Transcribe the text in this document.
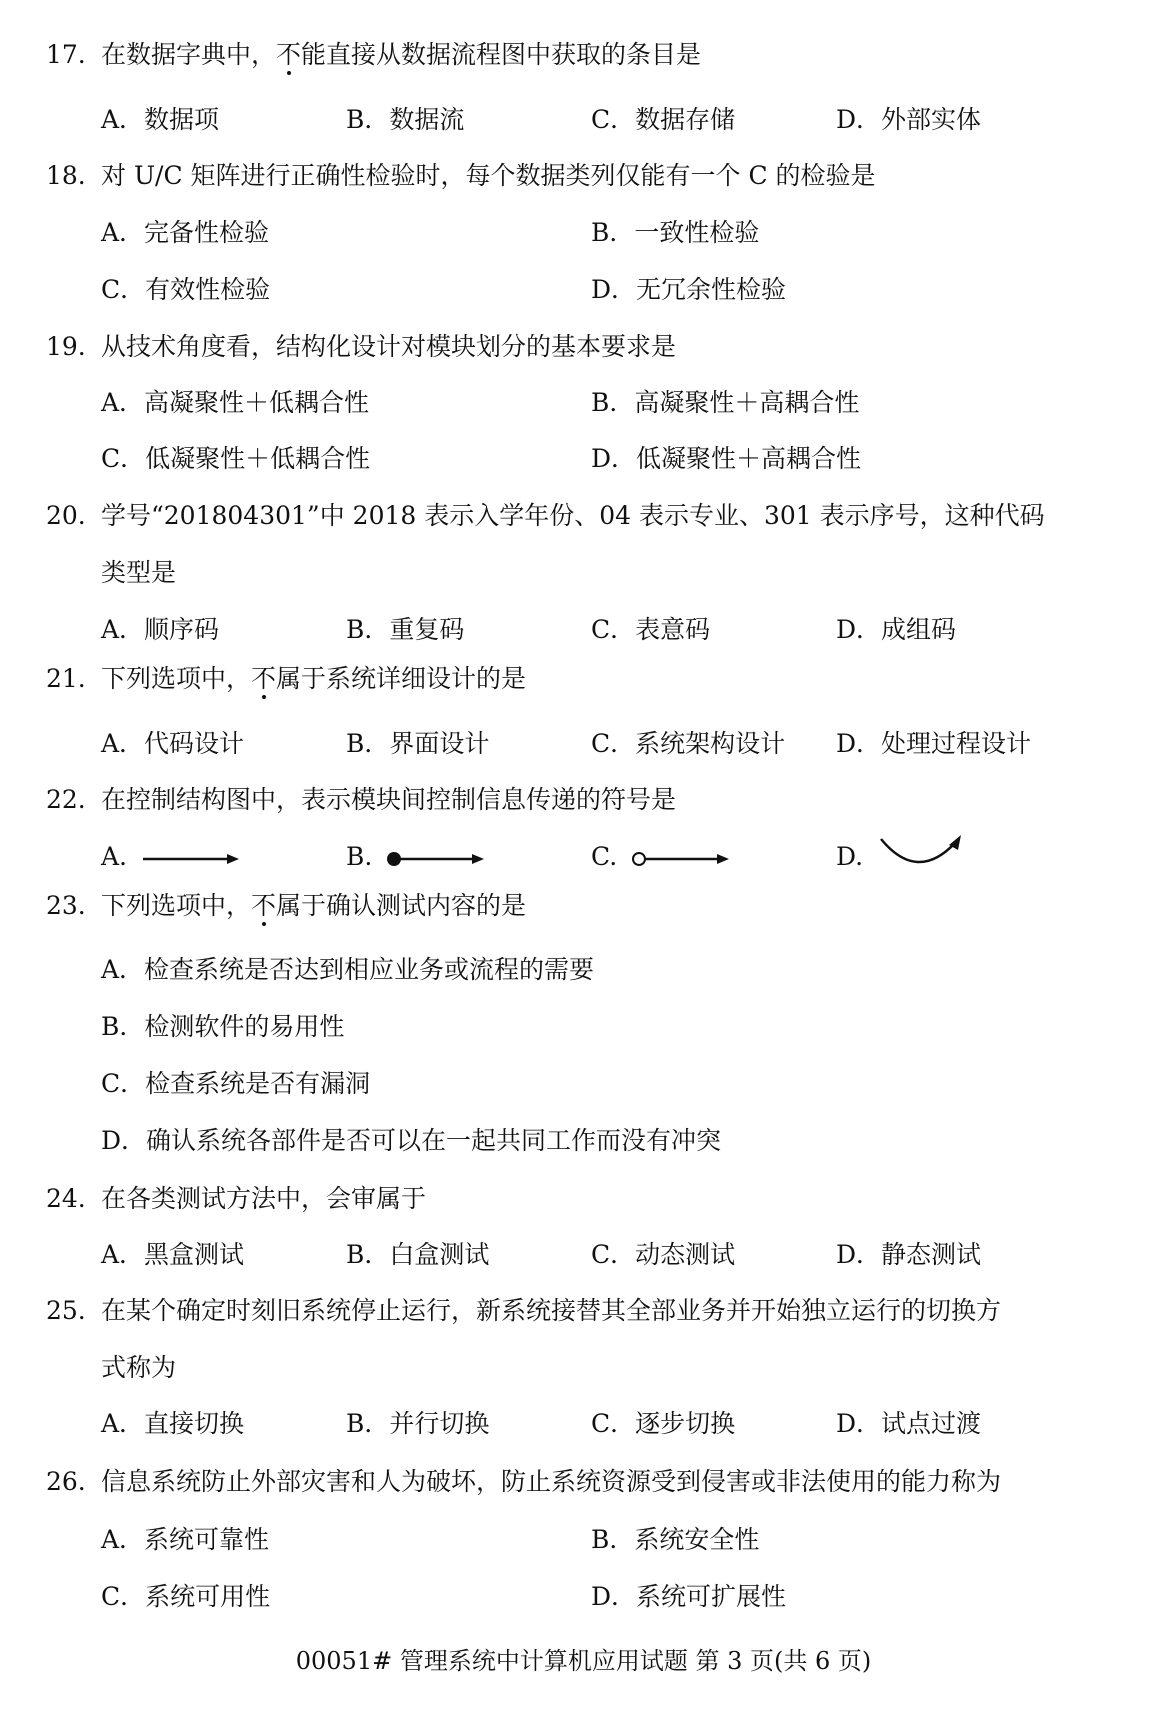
17. 在数据字典中，不能直接从数据流程图中获取的条目是
A．数据项	B．数据流	C．数据存储	D．外部实体
18. 对 U/C 矩阵进行正确性检验时，每个数据类列仅能有一个 C 的检验是
A．完备性检验	B．一致性检验
C．有效性检验	D．无冗余性检验
19. 从技术角度看，结构化设计对模块划分的基本要求是
A．高凝聚性＋低耦合性	B．高凝聚性＋高耦合性
C．低凝聚性＋低耦合性	D．低凝聚性＋高耦合性
20. 学号“201804301”中 2018 表示入学年份、04 表示专业、301 表示序号，这种代码
类型是
A．顺序码	B．重复码	C．表意码	D．成组码
21. 下列选项中，不属于系统详细设计的是
A．代码设计	B．界面设计	C．系统架构设计 D．处理过程设计
22. 在控制结构图中，表示模块间控制信息传递的符号是
A.	B.	C.	D.
23. 下列选项中，不属于确认测试内容的是
A．检查系统是否达到相应业务或流程的需要
B．检测软件的易用性
C．检查系统是否有漏洞
D．确认系统各部件是否可以在一起共同工作而没有冲突
24. 在各类测试方法中，会审属于
A．黑盒测试	B．白盒测试	C．动态测试	D．静态测试
25. 在某个确定时刻旧系统停止运行，新系统接替其全部业务并开始独立运行的切换方
式称为
A．直接切换	B．并行切换	C．逐步切换	D．试点过渡
26. 信息系统防止外部灾害和人为破坏，防止系统资源受到侵害或非法使用的能力称为
A．系统可靠性	B．系统安全性
C．系统可用性	D．系统可扩展性
00051# 管理系统中计算机应用试题 第 3 页(共 6 页)
